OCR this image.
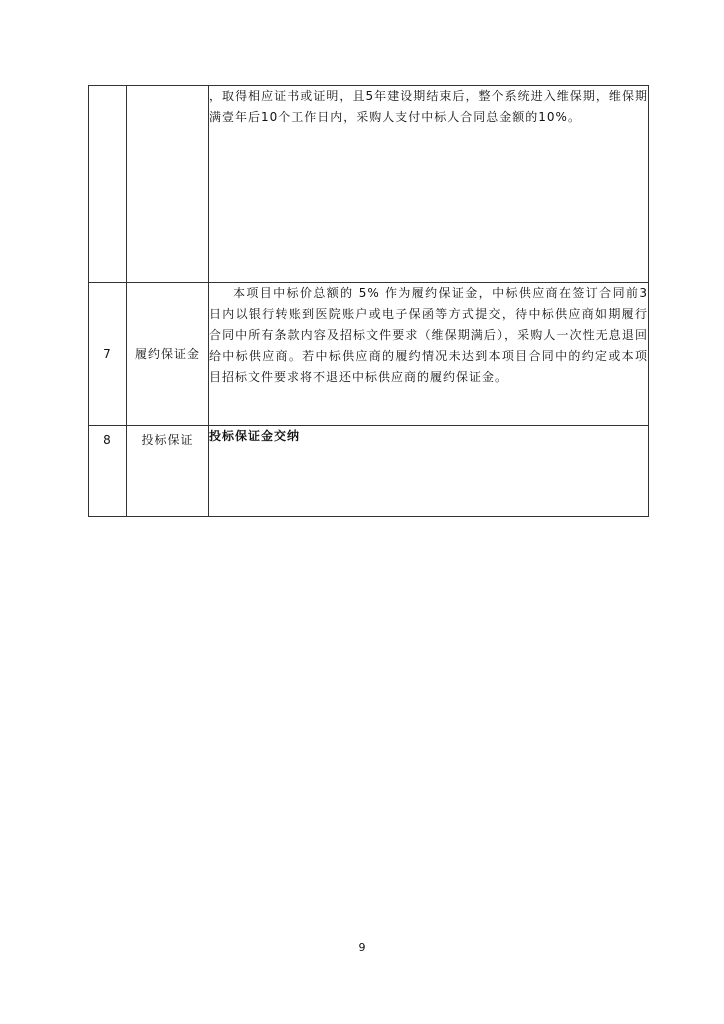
		，取得相应证书或证明，且5年建设期结束后，整个系统进入维保期，维保期满壹年后10个工作日内，采购人支付中标人合同总金额的10%。
7	履约保证金	本项目中标价总额的 5% 作为履约保证金，中标供应商在签订合同前3日内以银行转账到医院账户或电子保函等方式提交，待中标供应商如期履行合同中所有条款内容及招标文件要求（维保期满后），采购人一次性无息退回给中标供应商。若中标供应商的履约情况未达到本项目合同中的约定或本项目招标文件要求将不退还中标供应商的履约保证金。
8	投标保证	投标保证金交纳
9
